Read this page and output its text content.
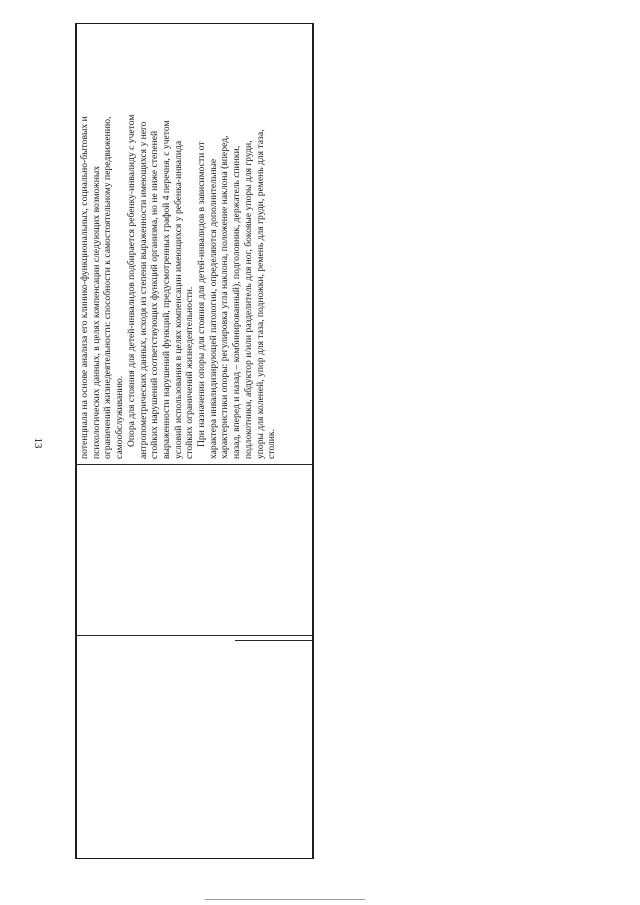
13	потенциала на основе анализа его клинико-функциональных, социально-бытовых и психологических данных, в целях компенсации следующих возможных ограничений жизнедеятельности: способности к самостоятельному передвижению, самообслуживанию. Опора для стояния для детей-инвалидов подбирается ребенку-инвалиду с учетом антропометрических данных, исходя из степени выраженности имеющихся у него стойких нарушений соответствующих функций организма, но не ниже степеней выраженности нарушений функций, предусмотренных графой 4 перечня, с учетом условий использования в целях компенсации имеющихся у ребенка-инвалида стойких ограничений жизнедеятельности. При назначении опоры для стояния для детей-инвалидов в зависимости от характера инвалидизирующей патологии, определяются дополнительные характеристики опоры: регулировка угла наклона, положение наклона (вперед, назад, вперед и назад – комбинированный), подголовник, держатель спинки, подлокотники, абдуктор и/или разделитель для ног, боковые упоры для груди, упоры для коленей, упор для таза, подножки, ремень для груди, ремень для таза, столик.
